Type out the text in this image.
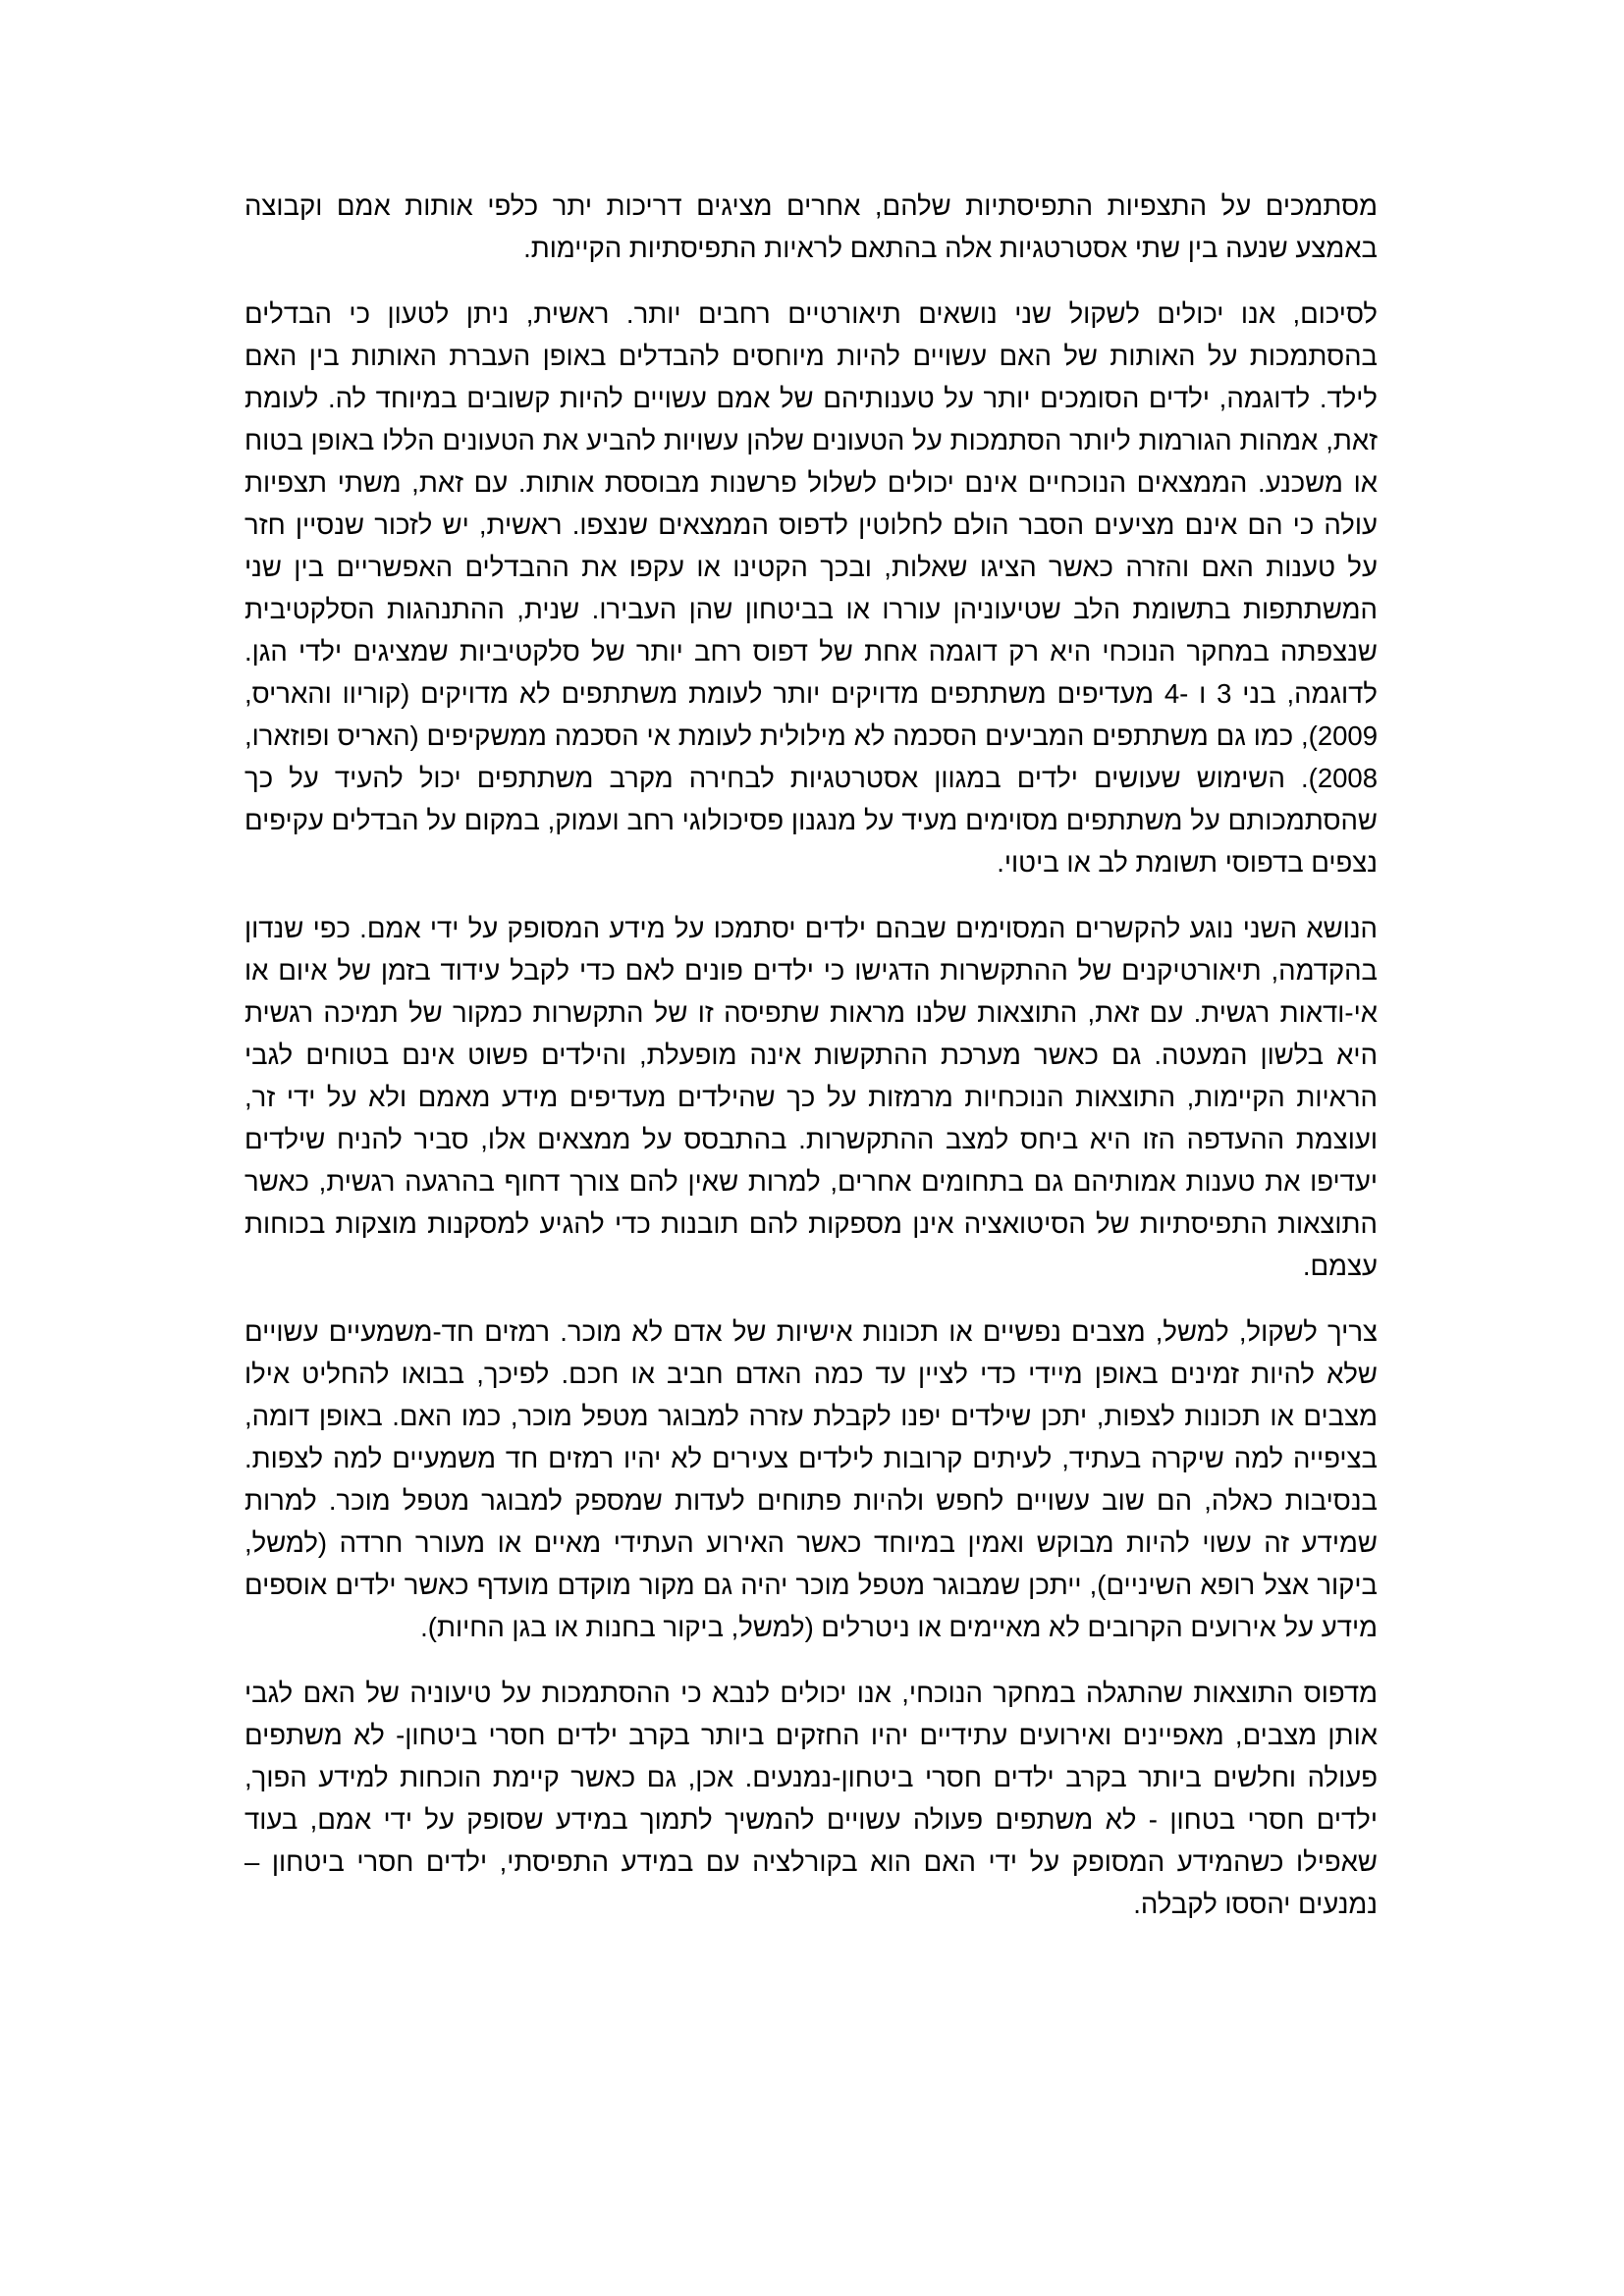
מסתמכים על התצפיות התפיסתיות שלהם, אחרים מציגים דריכות יתר כלפי אותות אמם וקבוצה באמצע שנעה בין שתי אסטרטגיות אלה בהתאם לראיות התפיסתיות הקיימות.

לסיכום, אנו יכולים לשקול שני נושאים תיאורטיים רחבים יותר. ראשית, ניתן לטעון כי הבדלים בהסתמכות על האותות של האם עשויים להיות מיוחסים להבדלים באופן העברת האותות בין האם לילד. לדוגמה, ילדים הסומכים יותר על טענותיהם של אמם עשויים להיות קשובים במיוחד לה. לעומת זאת, אמהות הגורמות ליותר הסתמכות על הטעונים שלהן עשויות להביע את הטעונים הללו באופן בטוח או משכנע. הממצאים הנוכחיים אינם יכולים לשלול פרשנות מבוססת אותות. עם זאת, משתי תצפיות עולה כי הם אינם מציעים הסבר הולם לחלוטין לדפוס הממצאים שנצפו. ראשית, יש לזכור שנסיין חזר על טענות האם והזרה כאשר הציגו שאלות, ובכך הקטינו או עקפו את ההבדלים האפשריים בין שני המשתתפות בתשומת הלב שטיעוניהן עוררו או בביטחון שהן העבירו. שנית, ההתנהגות הסלקטיבית שנצפתה במחקר הנוכחי היא רק דוגמה אחת של דפוס רחב יותר של סלקטיביות שמציגים ילדי הגן. לדוגמה, בני 3 ו -4 מעדיפים משתתפים מדויקים יותר לעומת משתתפים לא מדויקים (קוריוו והאריס, 2009), כמו גם משתתפים המביעים הסכמה לא מילולית לעומת אי הסכמה ממשקיפים (האריס ופוזארו, 2008). השימוש שעושים ילדים במגוון אסטרטגיות לבחירה מקרב משתתפים יכול להעיד על כך שהסתמכותם על משתתפים מסוימים מעיד על מנגנון פסיכולוגי רחב ועמוק, במקום על הבדלים עקיפים נצפים בדפוסי תשומת לב או ביטוי.

הנושא השני נוגע להקשרים המסוימים שבהם ילדים יסתמכו על מידע המסופק על ידי אמם. כפי שנדון בהקדמה, תיאורטיקנים של ההתקשרות הדגישו כי ילדים פונים לאם כדי לקבל עידוד בזמן של איום או אי-ודאות רגשית. עם זאת, התוצאות שלנו מראות שתפיסה זו של התקשרות כמקור של תמיכה רגשית היא בלשון המעטה. גם כאשר מערכת ההתקשות אינה מופעלת, והילדים פשוט אינם בטוחים לגבי הראיות הקיימות, התוצאות הנוכחיות מרמזות על כך שהילדים מעדיפים מידע מאמם ולא על ידי זר, ועוצמת ההעדפה הזו היא ביחס למצב ההתקשרות. בהתבסס על ממצאים אלו, סביר להניח שילדים יעדיפו את טענות אמותיהם גם בתחומים אחרים, למרות שאין להם צורך דחוף בהרגעה רגשית, כאשר התוצאות התפיסתיות של הסיטואציה אינן מספקות להם תובנות כדי להגיע למסקנות מוצקות בכוחות עצמם.

צריך לשקול, למשל, מצבים נפשיים או תכונות אישיות של אדם לא מוכר. רמזים חד-משמעיים עשויים שלא להיות זמינים באופן מיידי כדי לציין עד כמה האדם חביב או חכם. לפיכך, בבואו להחליט אילו מצבים או תכונות לצפות, יתכן שילדים יפנו לקבלת עזרה למבוגר מטפל מוכר, כמו האם. באופן דומה, בציפייה למה שיקרה בעתיד, לעיתים קרובות לילדים צעירים לא יהיו רמזים חד משמעיים למה לצפות. בנסיבות כאלה, הם שוב עשויים לחפש ולהיות פתוחים לעדות שמספק למבוגר מטפל מוכר. למרות שמידע זה עשוי להיות מבוקש ואמין במיוחד כאשר האירוע העתידי מאיים או מעורר חרדה (למשל, ביקור אצל רופא השיניים), ייתכן שמבוגר מטפל מוכר יהיה גם מקור מוקדם מועדף כאשר ילדים אוספים מידע על אירועים הקרובים לא מאיימים או ניטרלים (למשל, ביקור בחנות או בגן החיות).

מדפוס התוצאות שהתגלה במחקר הנוכחי, אנו יכולים לנבא כי ההסתמכות על טיעוניה של האם לגבי אותן מצבים, מאפיינים ואירועים עתידיים יהיו החזקים ביותר בקרב ילדים חסרי ביטחון- לא משתפים פעולה וחלשים ביותר בקרב ילדים חסרי ביטחון-נמנעים. אכן, גם כאשר קיימת הוכחות למידע הפוך, ילדים חסרי בטחון - לא משתפים פעולה עשויים להמשיך לתמוך במידע שסופק על ידי אמם, בעוד שאפילו כשהמידע המסופק על ידי האם הוא בקורלציה עם במידע התפיסתי, ילדים חסרי ביטחון –נמנעים יהססו לקבלה.
